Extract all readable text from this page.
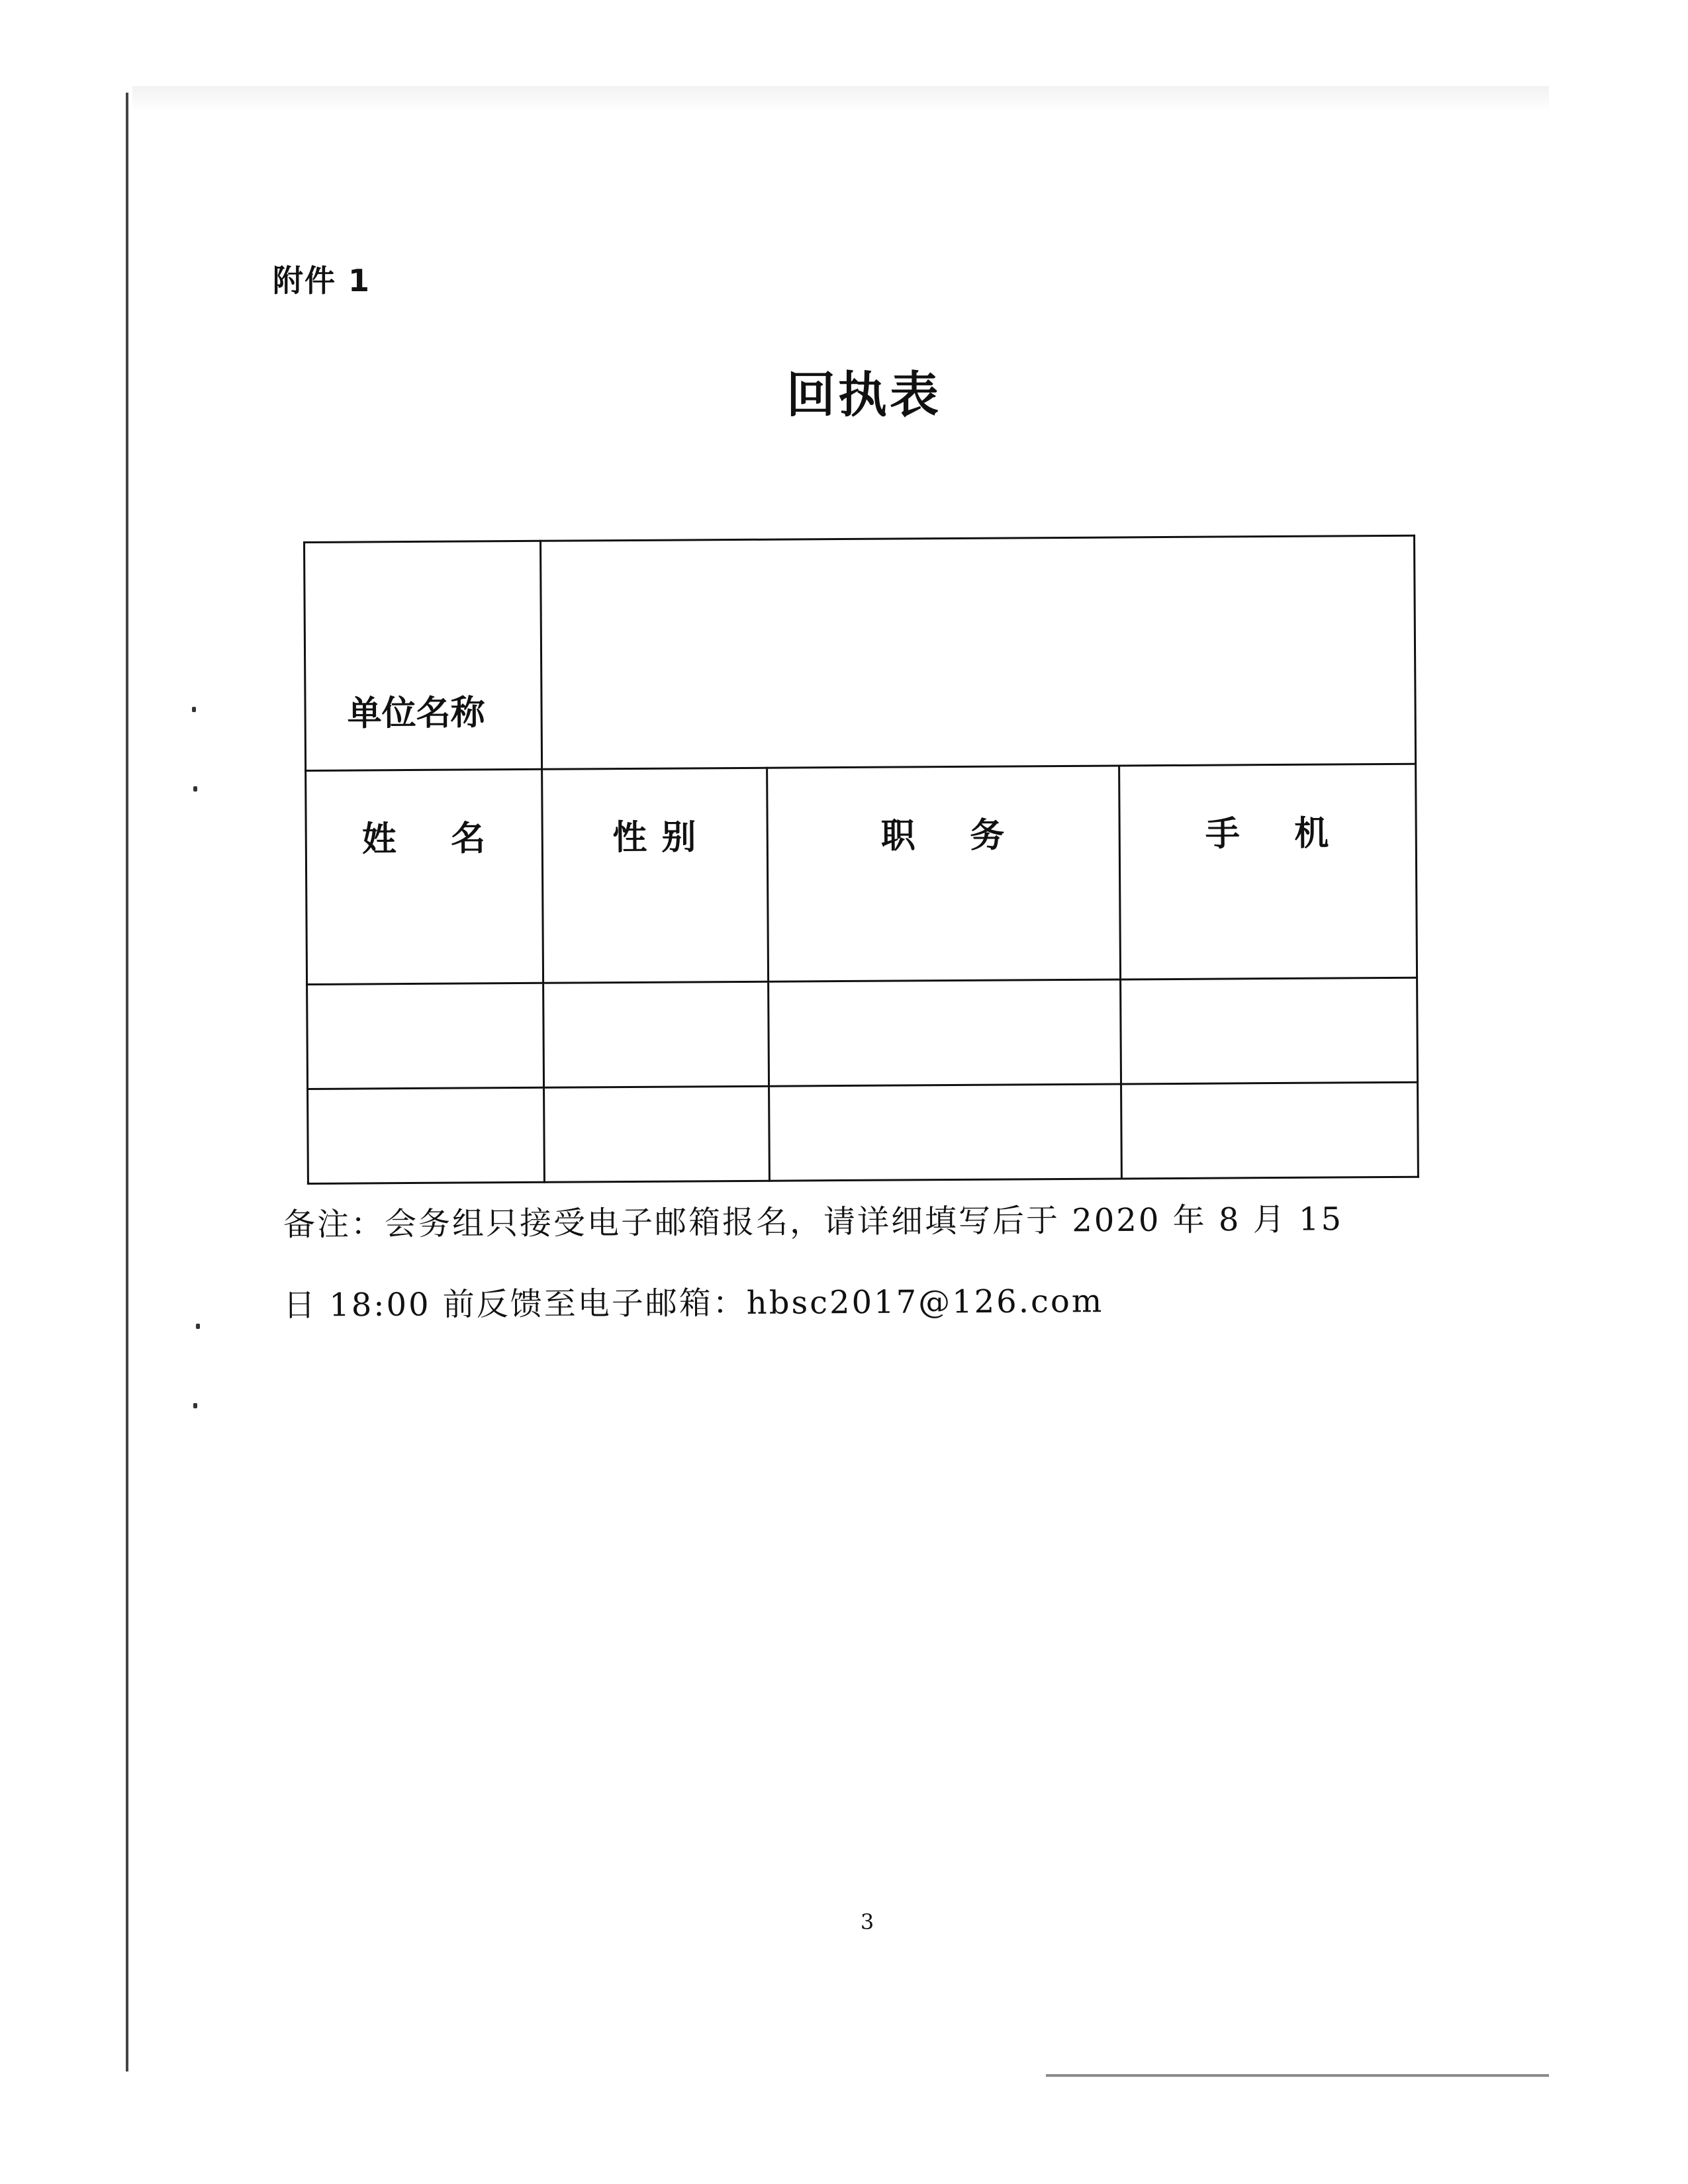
附件 1
回执表
单位名称			
姓    名	性 别	职    务	手    机

备注：会务组只接受电子邮箱报名，请详细填写后于 2020 年 8 月 15
日 18:00 前反馈至电子邮箱：hbsc2017@126.com
3
